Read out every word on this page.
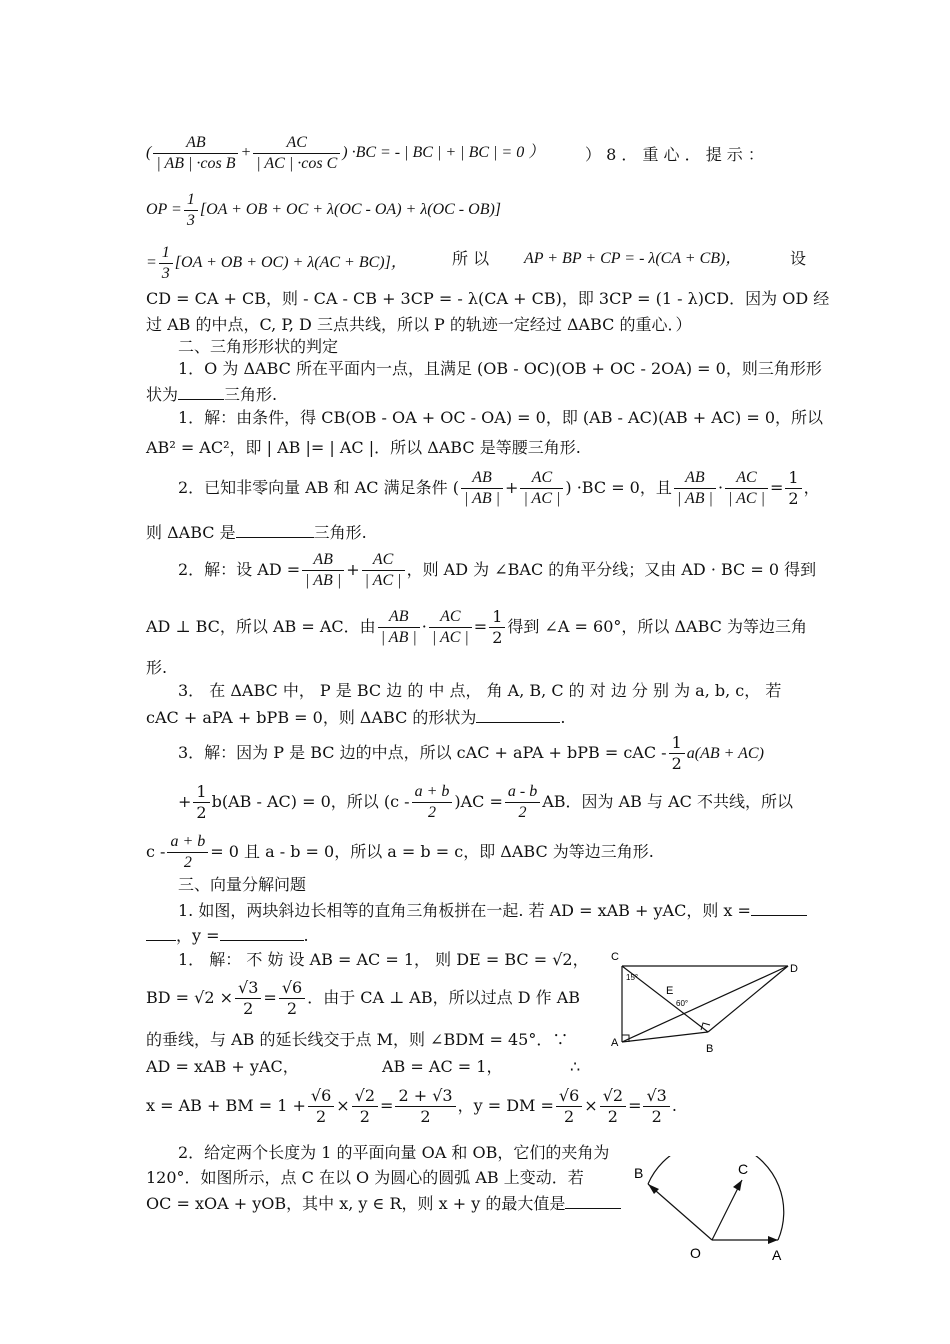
( $\frac{AB}{\text{| AB | ·cos B}} + \frac{AC}{\text{| AC | ·cos C}}$ ) ·BC = - | BC | + | BC | = 0 ）	） 8 ． 重 心 ． 提 示 ：
OP = $\frac{1}{3} [OA$ + OB + OC + λ(OC - OA) + λ(OC - OB)]
= $\frac{1}{3} [OA$ + OB + OC) + λ(AC + BC)]，	所 以 AP + BP + CP = - λ(CA + CB)，	设
CD = CA + CB，则 - CA - CB + 3CP = - λ(CA + CB)，即 3CP = (1 - λ)CD．因为 OD 经
过 AB 的中点，C, P, D 三点共线，所以 P 的轨迹一定经过 ΔABC 的重心．）
二、三角形形状的判定
1．O 为 ΔABC 所在平面内一点，且满足 (OB - OC)(OB + OC - 2OA) = 0，则三角形形
状为	三角形.
1．解：由条件，得 CB(OB - OA + OC - OA) = 0，即 (AB - AC)(AB + AC) = 0，所以
AB² = AC²，即 | AB |= | AC |．所以 ΔABC 是等腰三角形.
2．已知非零向量 AB 和 AC 满足条件 ( $\frac{AB}{| AB |} + \frac{AC}{| AC |}$ ) ·BC = 0，且 $\frac{AB}{| AB |} \cdot \frac{AC}{| AC |} = \frac{1}{2}$ ，
则 ΔABC 是	三角形.
2．解：设 AD = $\frac{AB}{| AB |} + \frac{AC}{| AC |}$ ，则 AD 为 ∠BAC 的角平分线；又由 AD · BC = 0 得到
AD ⊥ BC，所以 AB = AC．由 $\frac{AB}{| AB |} \cdot \frac{AC}{| AC |} = \frac{1}{2}$ 得到 ∠A = 60°，所以 ΔABC 为等边三角
形.
3． 在 ΔABC 中， P 是 BC 边 的 中 点， 角 A, B, C 的 对 边 分 别 为 a, b, c， 若
cAC + aPA + bPB = 0，则 ΔABC 的形状为	.
3．解：因为 P 是 BC 边的中点，所以 cAC + aPA + bPB = cAC - $\frac{1}{2} a(AB + AC)$
+ $\frac{1}{2} b(AB - AC) = 0$，所以 $(c - \frac{a + b}{2} )AC = \frac{a - b}{2}$ AB．因为 AB 与 AC 不共线，所以
$c - \frac{a + b}{2} = 0$ 且 a - b = 0，所以 a = b = c，即 ΔABC 为等边三角形.
三、向量分解问题
1. 如图，两块斜边长相等的直角三角板拼在一起. 若 AD = xAB + yAC，则 x =
，y =	.
1． 解： 不 妨 设 AB = AC = 1， 则 DE = BC = √2，
BD = $√2 \times \frac{√3}{2} = \frac{√6}{2}$ ．由于 CA ⊥ AB，所以过点 D 作 AB
的垂线，与 AB 的延长线交于点 M，则 ∠BDM = 45°．∵
AD = xAB + yAC，	AB = AC = 1，	∴
x = AB + BM = $1 + \frac{√6}{2} \times \frac{√2}{2} = \frac{2 + √3}{2}$ ，y = DM = $\frac{√6}{2} \times \frac{√2}{2} = \frac{√3}{2}$ .
2．给定两个长度为 1 的平面向量 OA 和 OB，它们的夹角为
120°．如图所示，点 C 在以 O 为圆心的圆弧 AB 上变动．若
OC = xOA + yOB，其中 x, y ∈ R，则 x + y 的最大值是
C
A	B
D
E
15°
60°
B	C
O	A
